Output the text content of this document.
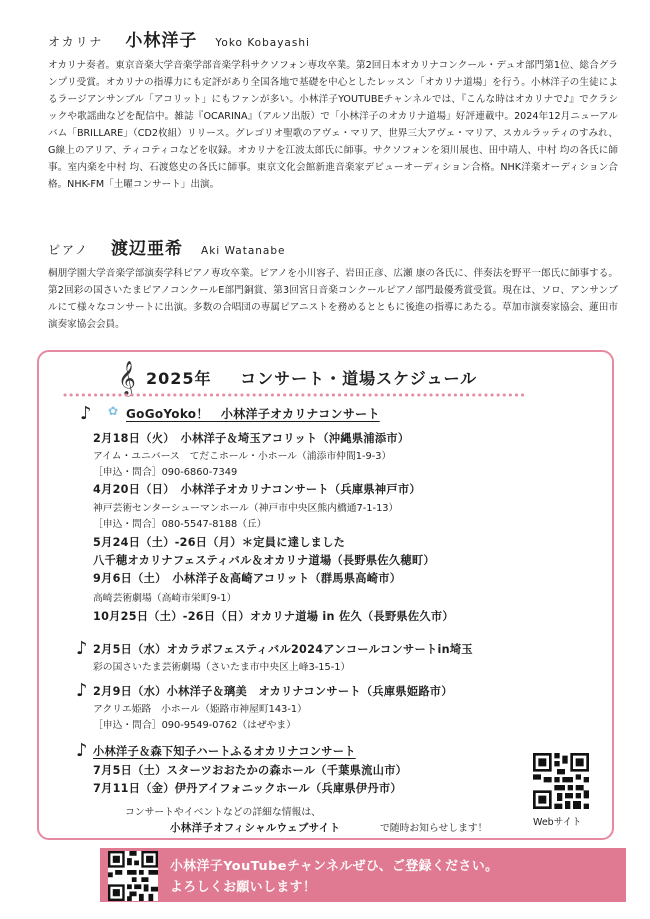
オカリナ 小林洋子 Yoko Kobayashi

オカリナ奏者。東京音楽大学音楽学部音楽学科サクソフォン専攻卒業。第2回日本オカリナコンクール・デュオ部門第1位、総合グランプリ受賞。オカリナの指導力にも定評があり全国各地で基礎を中心としたレッスン「オカリナ道場」を行う。小林洋子の生徒によるラージアンサンブル「アコリット」にもファンが多い。小林洋子YOUTUBEチャンネルでは、『こんな時はオカリナで♪』でクラシックや歌謡曲などを配信中。雑誌『OCARINA』（アルソ出版）で「小林洋子のオカリナ道場」好評連載中。2024年12月ニューアルバム「BRILLARE」（CD2枚組）リリース。グレゴリオ聖歌のアヴェ・マリア、世界三大アヴェ・マリア、スカルラッティのすみれ、G線上のアリア、ティコティコなどを収録。オカリナを江波太郎氏に師事。サクソフォンを須川展也、田中靖人、中村 均の各氏に師事。室内楽を中村 均、石渡悠史の各氏に師事。東京文化会館新進音楽家デビューオーディション合格。NHK洋楽オーディション合格。NHK-FM「土曜コンサート」出演。

ピアノ 渡辺亜希 Aki Watanabe

桐朋学園大学音楽学部演奏学科ピアノ専攻卒業。ピアノを小川容子、岩田正彦、広瀬 康の各氏に、伴奏法を野平一郎氏に師事する。第2回彩の国さいたまピアノコンクールE部門銅賞、第3回宮日音楽コンクールピアノ部門最優秀賞受賞。現在は、ソロ、アンサンブルにて様々なコンサートに出演。多数の合唱団の専属ピアニストを務めるとともに後進の指導にあたる。草加市演奏家協会、蓮田市演奏家協会会員。

𝄞 2025年 コンサート・道場スケジュール
♪ ✿ GoGoYoko！　小林洋子オカリナコンサート
2月18日（火）　小林洋子＆埼玉アコリット（沖縄県浦添市）
アイム・ユニバース　てだこホール・小ホール（浦添市仲間1-9-3）
［申込・問合］090-6860-7349
4月20日（日）　小林洋子オカリナコンサート（兵庫県神戸市）
神戸芸術センターシューマンホール（神戸市中央区熊内橋通7-1-13）
［申込・問合］080-5547-8188（丘）
5月24日（土）-26日（月）＊定員に達しました
八千穂オカリナフェスティバル＆オカリナ道場（長野県佐久穂町）
9月6日（土）　小林洋子＆高崎アコリット（群馬県高崎市）
高崎芸術劇場（高崎市栄町9-1）
10月25日（土）-26日（日）オカリナ道場 in 佐久（長野県佐久市）
♪ 2月5日（水）オカラボフェスティバル2024アンコールコンサートin埼玉
彩の国さいたま芸術劇場（さいたま市中央区上峰3-15-1）
♪ 2月9日（水）小林洋子＆璃美　オカリナコンサート（兵庫県姫路市）
アクリエ姫路　小ホール（姫路市神屋町143-1）
［申込・問合］090-9549-0762（はぜやま）
♪ 小林洋子＆森下知子ハートふるオカリナコンサート
7月5日（土）スターツおおたかの森ホール（千葉県流山市）
7月11日（金）伊丹アイフォニックホール（兵庫県伊丹市）
コンサートやイベントなどの詳細な情報は、
小林洋子オフィシャルウェブサイト	で随時お知らせします！
Webサイト
小林洋子YouTubeチャンネルぜひ、ご登録ください。
よろしくお願いします！
